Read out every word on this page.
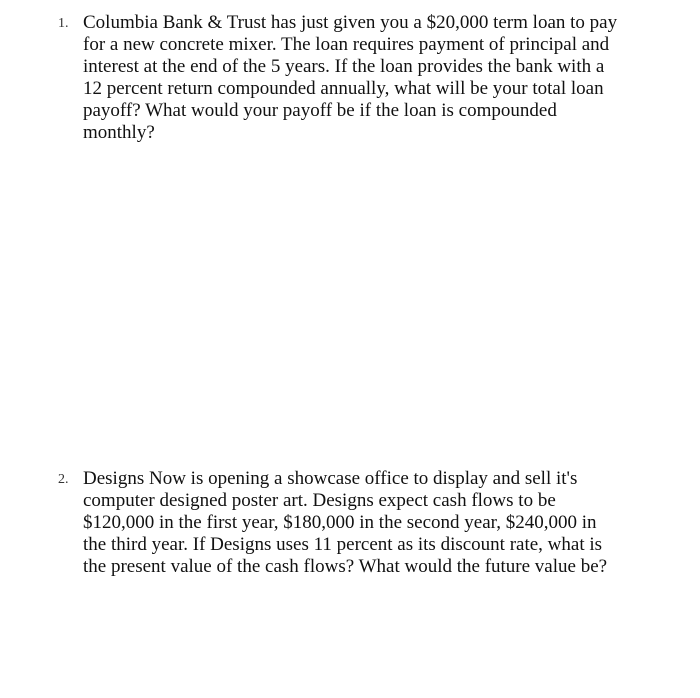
1. Columbia Bank & Trust has just given you a $20,000 term loan to pay
for a new concrete mixer. The loan requires payment of principal and
interest at the end of the 5 years. If the loan provides the bank with a
12 percent return compounded annually, what will be your total loan
payoff? What would your payoff be if the loan is compounded
monthly?
2. Designs Now is opening a showcase office to display and sell it's
computer designed poster art. Designs expect cash flows to be
$120,000 in the first year, $180,000 in the second year, $240,000 in
the third year. If Designs uses 11 percent as its discount rate, what is
the present value of the cash flows? What would the future value be?
